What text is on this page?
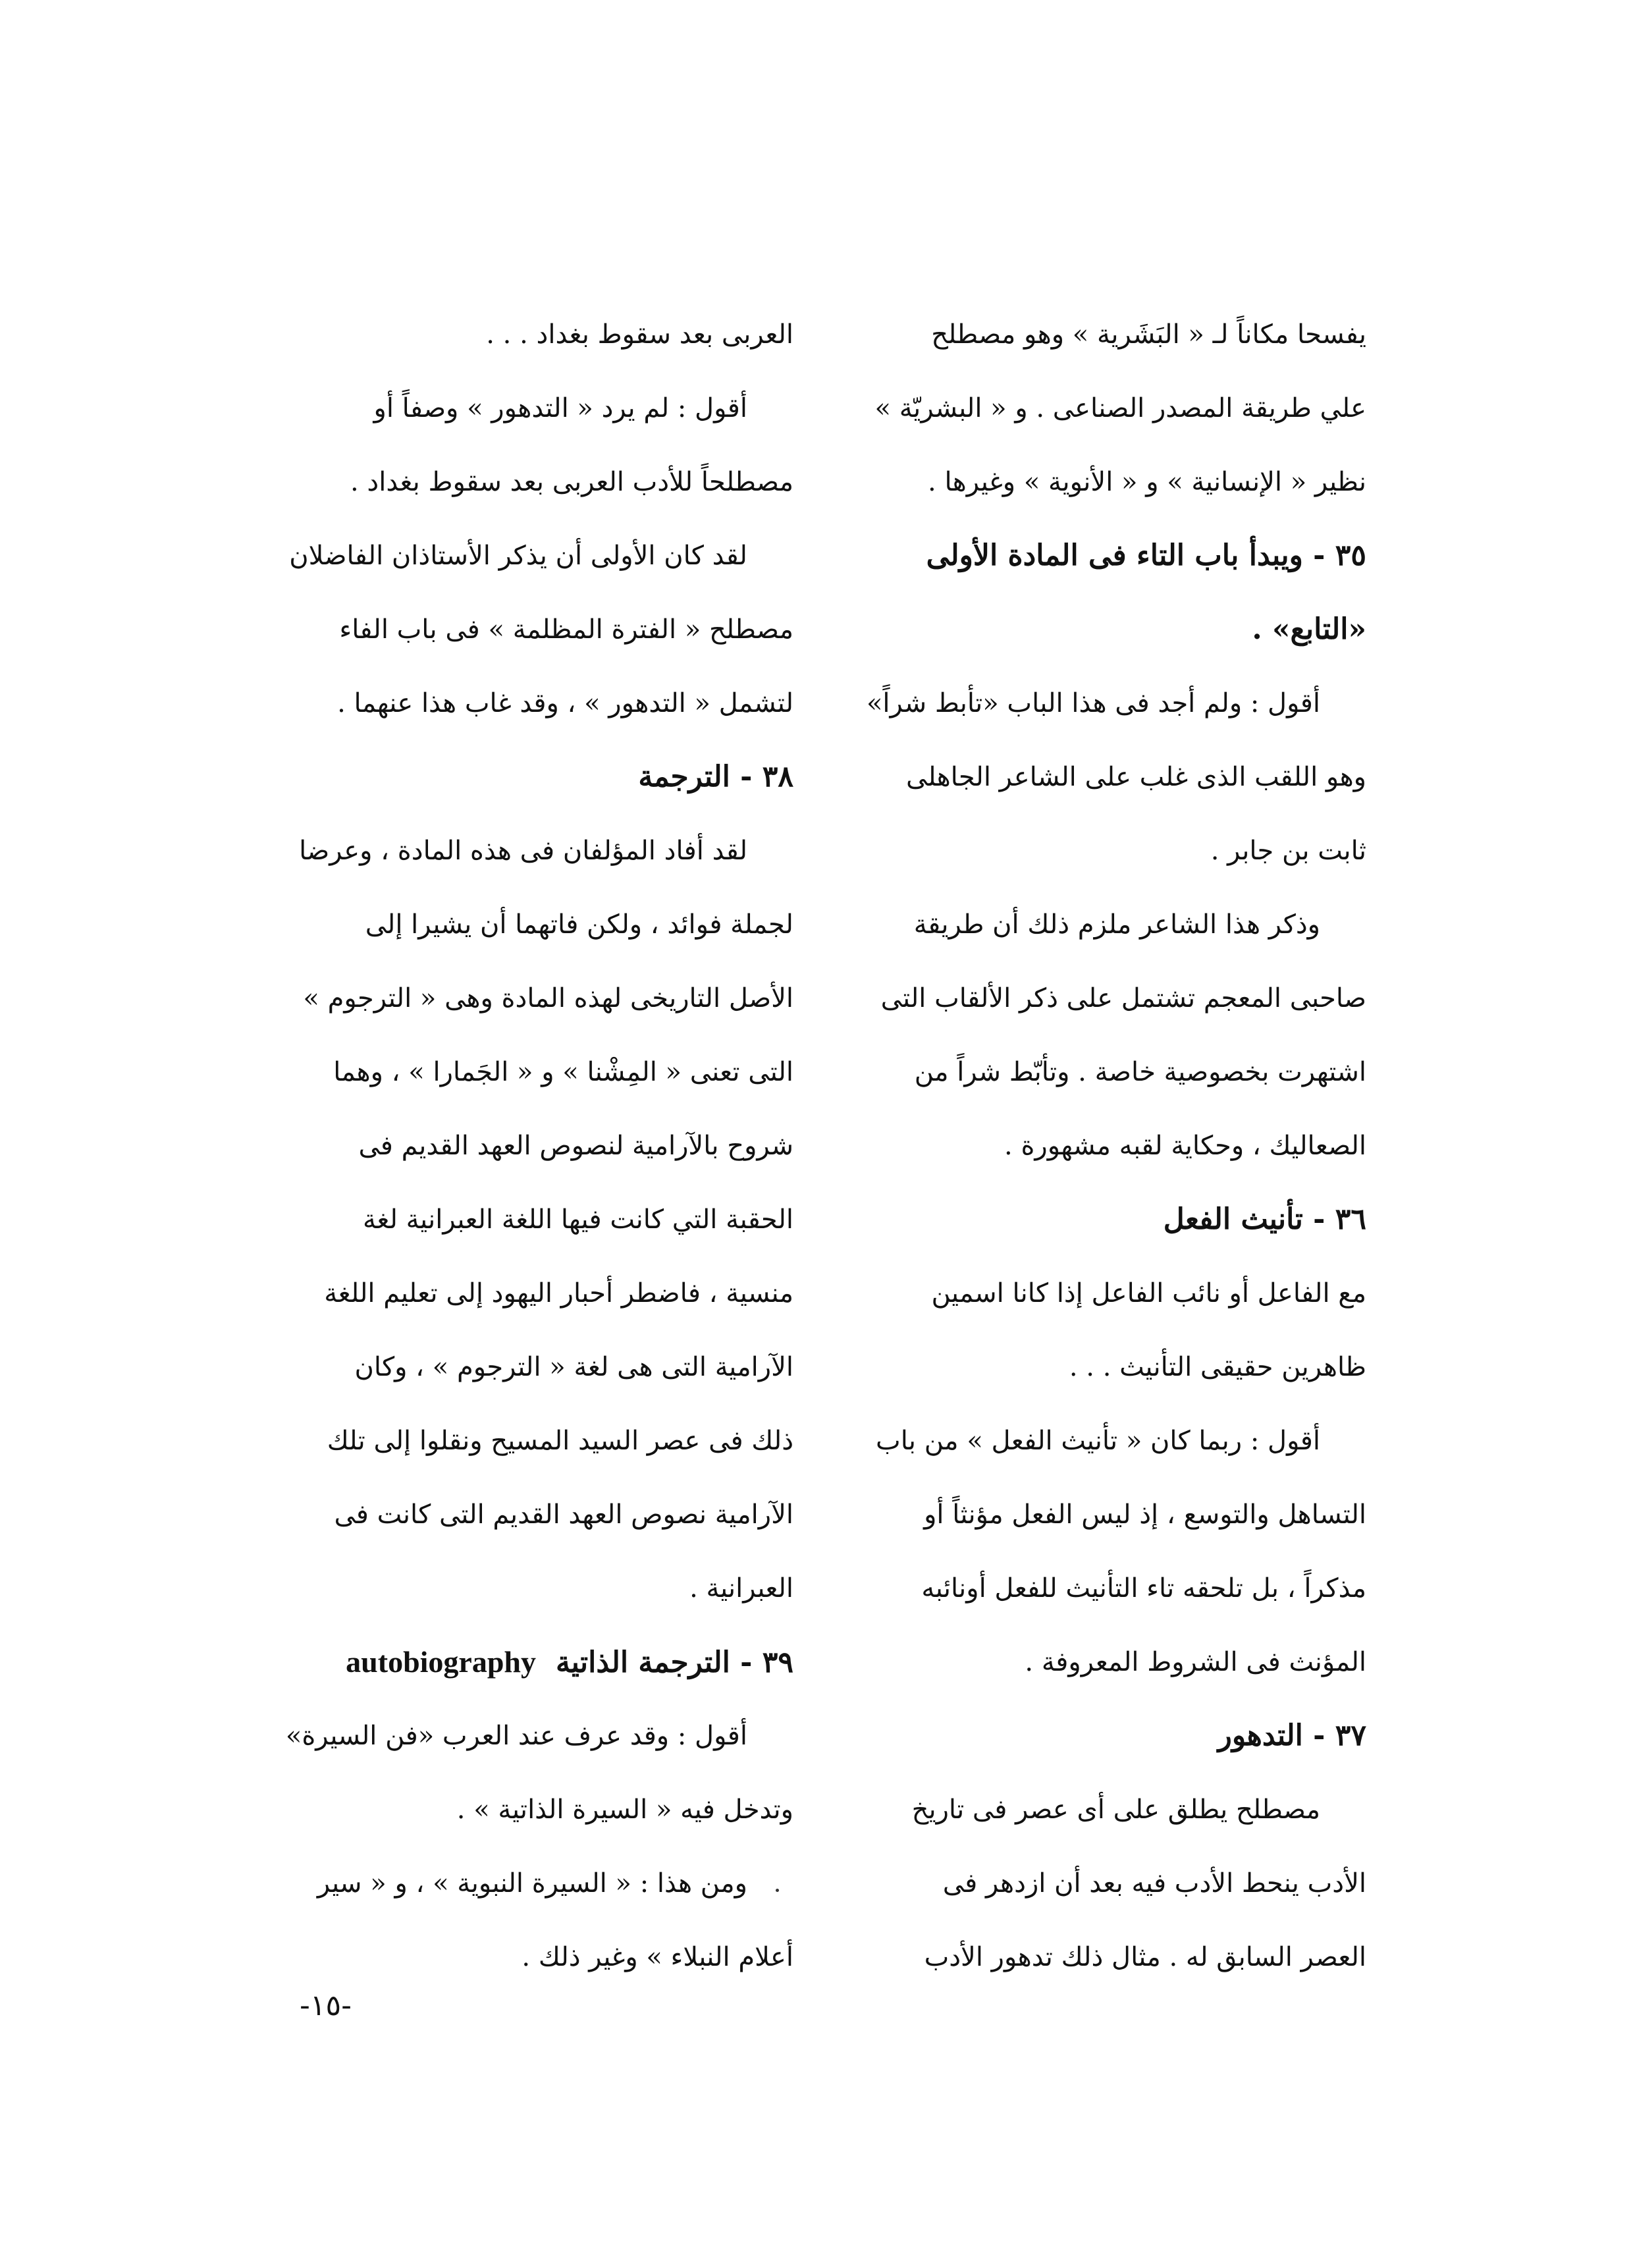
يفسحا مكاناً لـ « البَشَرية » وهو مصطلح
علي طريقة المصدر الصناعى . و « البشريّة »
نظير « الإنسانية » و « الأنوية » وغيرها .
٣٥ - ويبدأ باب التاء فى المادة الأولى
«التابع» .
أقول : ولم أجد فى هذا الباب «تأبط شراً»
وهو اللقب الذى غلب على الشاعر الجاهلى
ثابت بن جابر .
وذكر هذا الشاعر ملزم ذلك أن طريقة
صاحبى المعجم تشتمل على ذكر الألقاب التى
اشتهرت بخصوصية خاصة . وتأبّط شراً من
الصعاليك ، وحكاية لقبه مشهورة .
٣٦ - تأنيث الفعل
مع الفاعل أو نائب الفاعل إذا كانا اسمين
ظاهرين حقيقى التأنيث . . .
أقول : ربما كان « تأنيث الفعل » من باب
التساهل والتوسع ، إذ ليس الفعل مؤنثاً أو
مذكراً ، بل تلحقه تاء التأنيث للفعل أونائبه
المؤنث فى الشروط المعروفة .
٣٧ - التدهور
مصطلح يطلق على أى عصر فى تاريخ
الأدب ينحط الأدب فيه بعد أن ازدهر فى
العصر السابق له . مثال ذلك تدهور الأدب
العربى بعد سقوط بغداد . . .
أقول : لم يرد « التدهور » وصفاً أو
مصطلحاً للأدب العربى بعد سقوط بغداد .
لقد كان الأولى أن يذكر الأستاذان الفاضلان
مصطلح « الفترة المظلمة » فى باب الفاء
لتشمل « التدهور » ، وقد غاب هذا عنهما .
٣٨ - الترجمة
لقد أفاد المؤلفان فى هذه المادة ، وعرضا
لجملة فوائد ، ولكن فاتهما أن يشيرا إلى
الأصل التاريخى لهذه المادة وهى « الترجوم »
التى تعنى « المِشْنا » و « الجَمارا » ، وهما
شروح بالآرامية لنصوص العهد القديم فى
الحقبة التي كانت فيها اللغة العبرانية لغة
منسية ، فاضطر أحبار اليهود إلى تعليم اللغة
الآرامية التى هى لغة « الترجوم » ، وكان
ذلك فى عصر السيد المسيح ونقلوا إلى تلك
الآرامية نصوص العهد القديم التى كانت فى
العبرانية .
٣٩ - الترجمة الذاتيةautobiography
أقول : وقد عرف عند العرب «فن السيرة»
وتدخل فيه « السيرة الذاتية » .
ومن هذا : « السيرة النبوية » ، و « سير
أعلام النبلاء » وغير ذلك .
-١٥-
